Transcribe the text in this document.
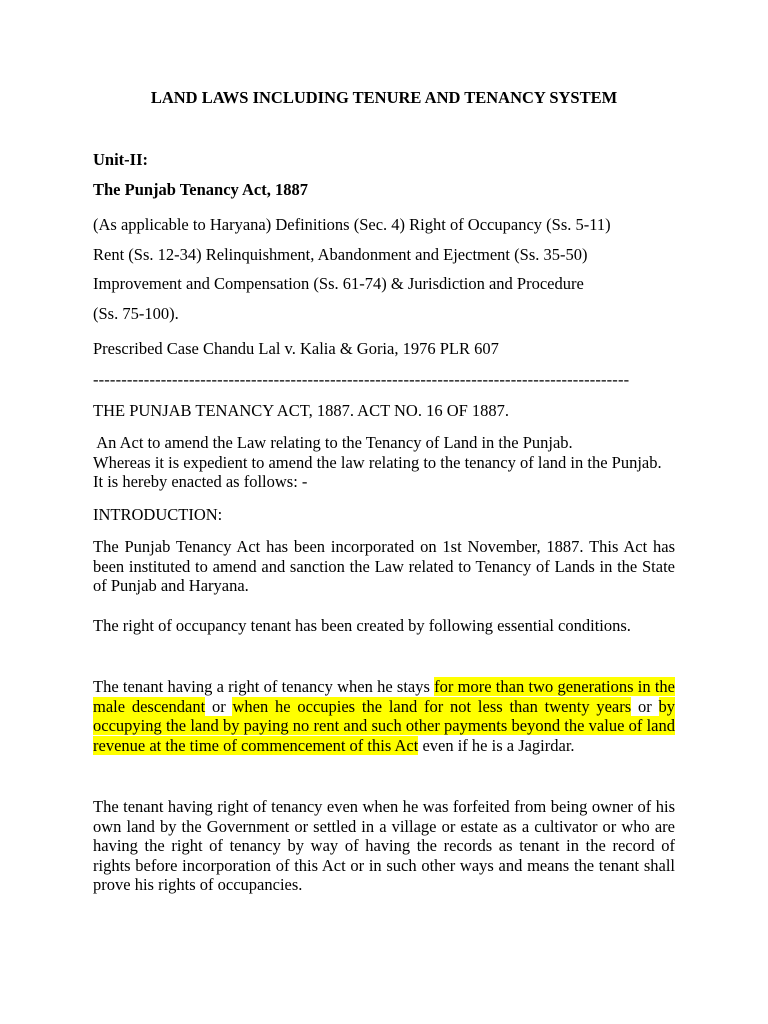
LAND LAWS INCLUDING TENURE AND TENANCY SYSTEM
Unit-II:
The Punjab Tenancy Act, 1887
(As applicable to Haryana) Definitions (Sec. 4) Right of Occupancy (Ss. 5-11)
Rent (Ss. 12-34) Relinquishment, Abandonment and Ejectment (Ss. 35-50)
Improvement and Compensation (Ss. 61-74) & Jurisdiction and Procedure
(Ss. 75-100).
Prescribed Case Chandu Lal v. Kalia & Goria, 1976 PLR 607
-----------------------------------------------------------------------------------------------
THE PUNJAB TENANCY ACT, 1887. ACT NO. 16 OF 1887.
An Act to amend the Law relating to the Tenancy of Land in the Punjab.
Whereas it is expedient to amend the law relating to the tenancy of land in the Punjab. It is hereby enacted as follows: -
INTRODUCTION:

The Punjab Tenancy Act has been incorporated on 1st November, 1887. This Act has been instituted to amend and sanction the Law related to Tenancy of Lands in the State of Punjab and Haryana.

The right of occupancy tenant has been created by following essential conditions.

The tenant having a right of tenancy when he stays for more than two generations in the male descendant or when he occupies the land for not less than twenty years or by occupying the land by paying no rent and such other payments beyond the value of land revenue at the time of commencement of this Act even if he is a Jagirdar.

The tenant having right of tenancy even when he was forfeited from being owner of his own land by the Government or settled in a village or estate as a cultivator or who are having the right of tenancy by way of having the records as tenant in the record of rights before incorporation of this Act or in such other ways and means the tenant shall prove his rights of occupancies.
